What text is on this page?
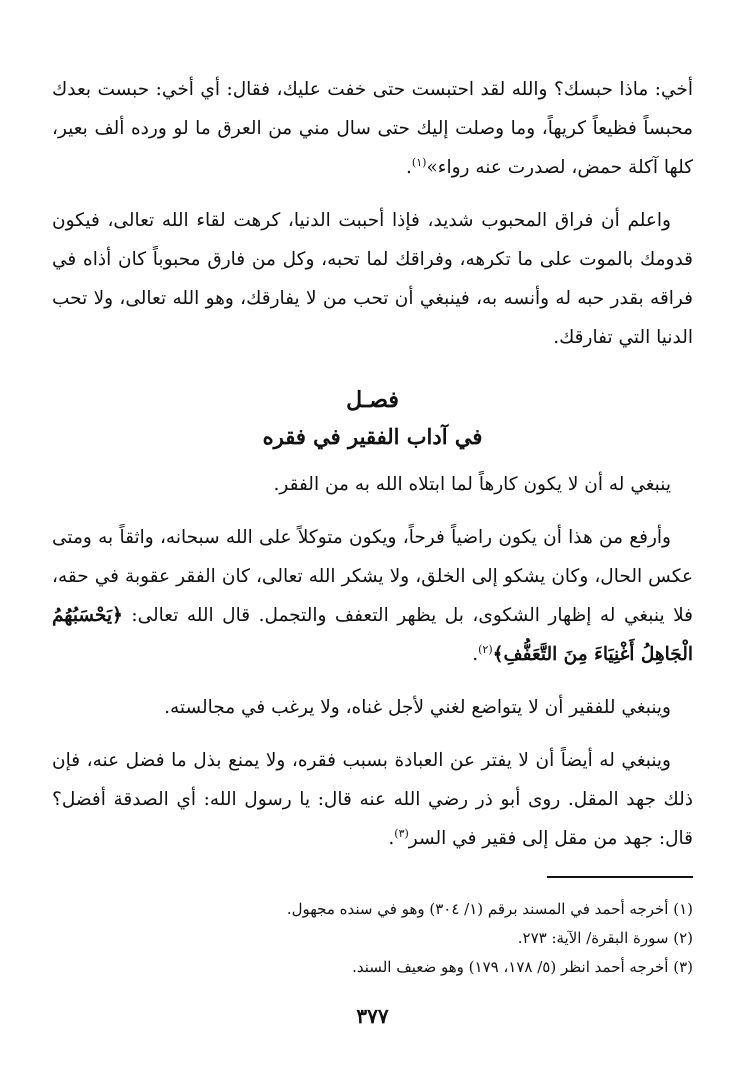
أخي: ماذا حبسك؟ والله لقد احتبست حتى خفت عليك، فقال: أي أخي: حبست بعدك محبساً فظيعاً كريهاً، وما وصلت إليك حتى سال مني من العرق ما لو ورده ألف بعير، كلها آكلة حمض، لصدرت عنه رواء»$^{(١)}$.

واعلم أن فراق المحبوب شديد، فإذا أحببت الدنيا، كرهت لقاء الله تعالى، فيكون قدومك بالموت على ما تكرهه، وفراقك لما تحبه، وكل من فارق محبوباً كان أذاه في فراقه بقدر حبه له وأنسه به، فينبغي أن تحب من لا يفارقك، وهو الله تعالى، ولا تحب الدنيا التي تفارقك.

فصـل

في آداب الفقير في فقره

ينبغي له أن لا يكون كارهاً لما ابتلاه الله به من الفقر.

وأرفع من هذا أن يكون راضياً فرحاً، ويكون متوكلاً على الله سبحانه، واثقاً به ومتى عكس الحال، وكان يشكو إلى الخلق، ولا يشكر الله تعالى، كان الفقر عقوبة في حقه، فلا ينبغي له إظهار الشكوى، بل يظهر التعفف والتجمل. قال الله تعالى: ﴿يَحْسَبُهُمُ الْجَاهِلُ أَغْنِيَاءَ مِنَ التَّعَفُّفِ﴾$^{(٢)}$.

وينبغي للفقير أن لا يتواضع لغني لأجل غناه، ولا يرغب في مجالسته.

وينبغي له أيضاً أن لا يفتر عن العبادة بسبب فقره، ولا يمنع بذل ما فضل عنه، فإن ذلك جهد المقل. روى أبو ذر رضي الله عنه قال: يا رسول الله: أي الصدقة أفضل؟ قال: جهد من مقل إلى فقير في السر$^{(٣)}$.

(١) أخرجه أحمد في المسند برقم (١/ ٣٠٤) وهو في سنده مجهول.

(٢) سورة البقرة/ الآية: ٢٧٣.

(٣) أخرجه أحمد انظر (٥/ ١٧٨، ١٧٩) وهو ضعيف السند.

٣٧٧
